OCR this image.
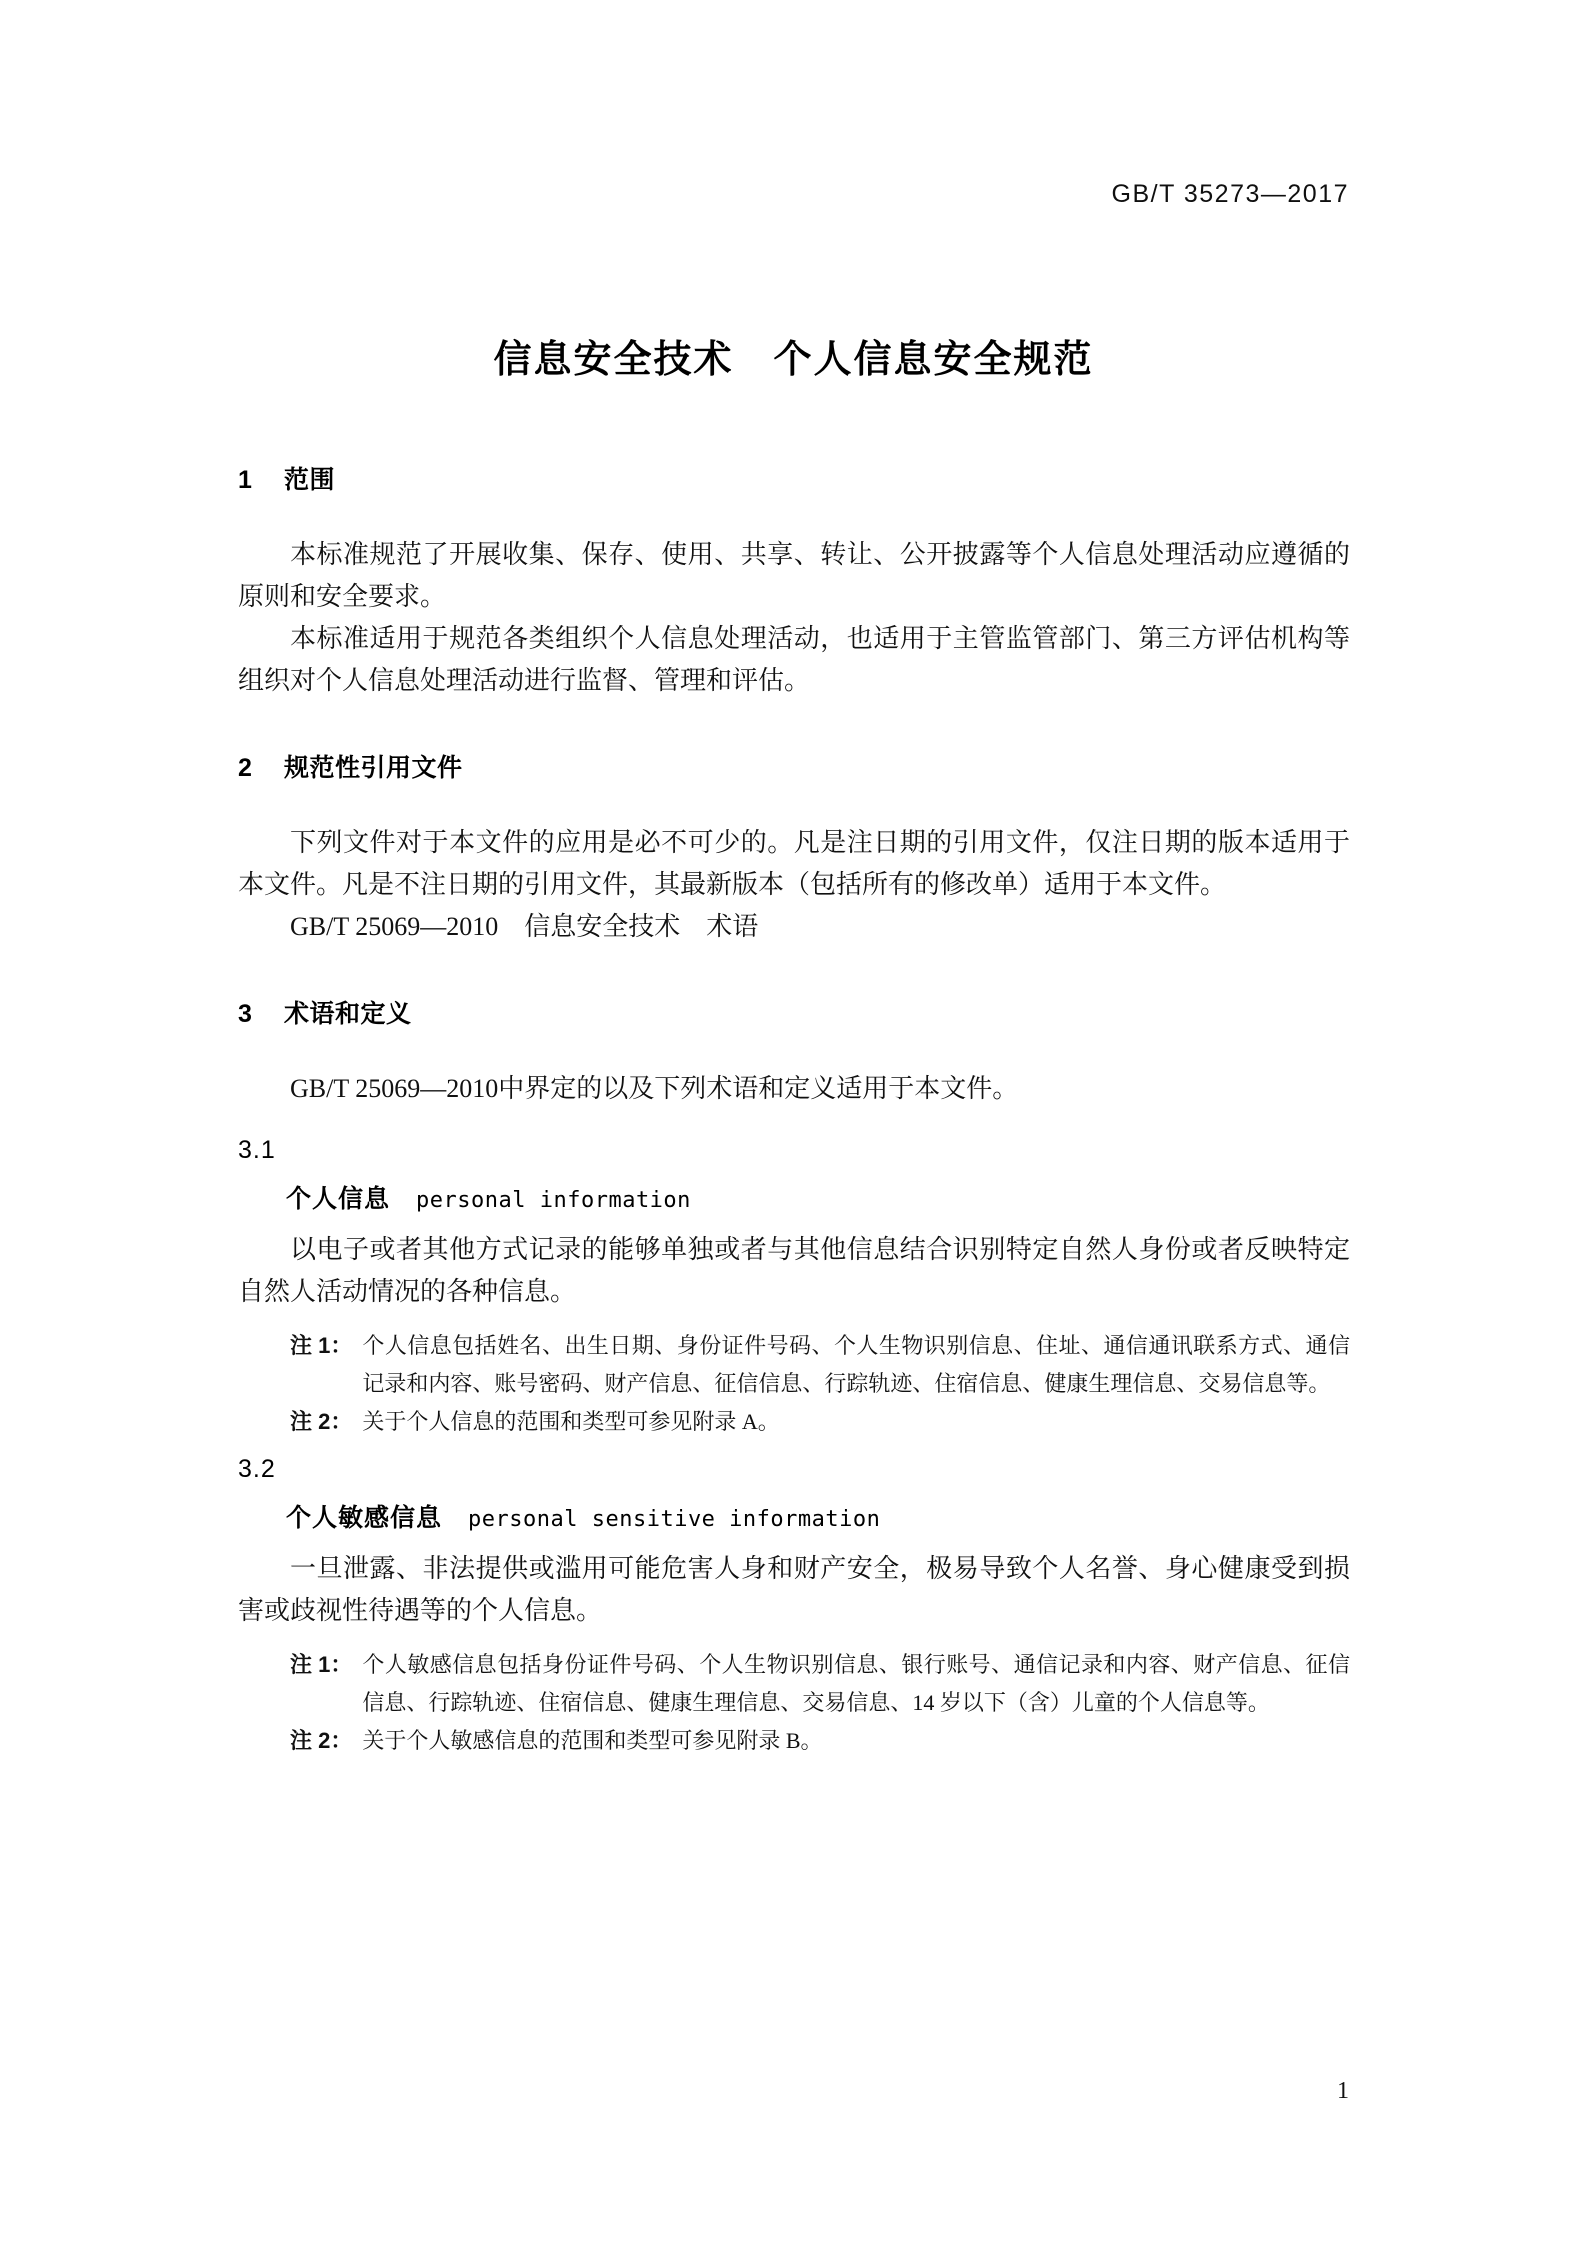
GB/T 35273—2017
信息安全技术　个人信息安全规范

1 范围

本标准规范了开展收集、保存、使用、共享、转让、公开披露等个人信息处理活动应遵循的原则和安全要求。

本标准适用于规范各类组织个人信息处理活动，也适用于主管监管部门、第三方评估机构等组织对个人信息处理活动进行监督、管理和评估。

2 规范性引用文件

下列文件对于本文件的应用是必不可少的。凡是注日期的引用文件，仅注日期的版本适用于本文件。凡是不注日期的引用文件，其最新版本（包括所有的修改单）适用于本文件。

GB/T 25069—2010 信息安全技术　术语

3 术语和定义

GB/T 25069—2010中界定的以及下列术语和定义适用于本文件。

3.1

个人信息 personal information

以电子或者其他方式记录的能够单独或者与其他信息结合识别特定自然人身份或者反映特定自然人活动情况的各种信息。

注 1： 个人信息包括姓名、出生日期、身份证件号码、个人生物识别信息、住址、通信通讯联系方式、通信记录和内容、账号密码、财产信息、征信信息、行踪轨迹、住宿信息、健康生理信息、交易信息等。

注 2： 关于个人信息的范围和类型可参见附录 A。

3.2

个人敏感信息 personal sensitive information

一旦泄露、非法提供或滥用可能危害人身和财产安全，极易导致个人名誉、身心健康受到损害或歧视性待遇等的个人信息。

注 1： 个人敏感信息包括身份证件号码、个人生物识别信息、银行账号、通信记录和内容、财产信息、征信信息、行踪轨迹、住宿信息、健康生理信息、交易信息、14 岁以下（含）儿童的个人信息等。

注 2： 关于个人敏感信息的范围和类型可参见附录 B。

1
